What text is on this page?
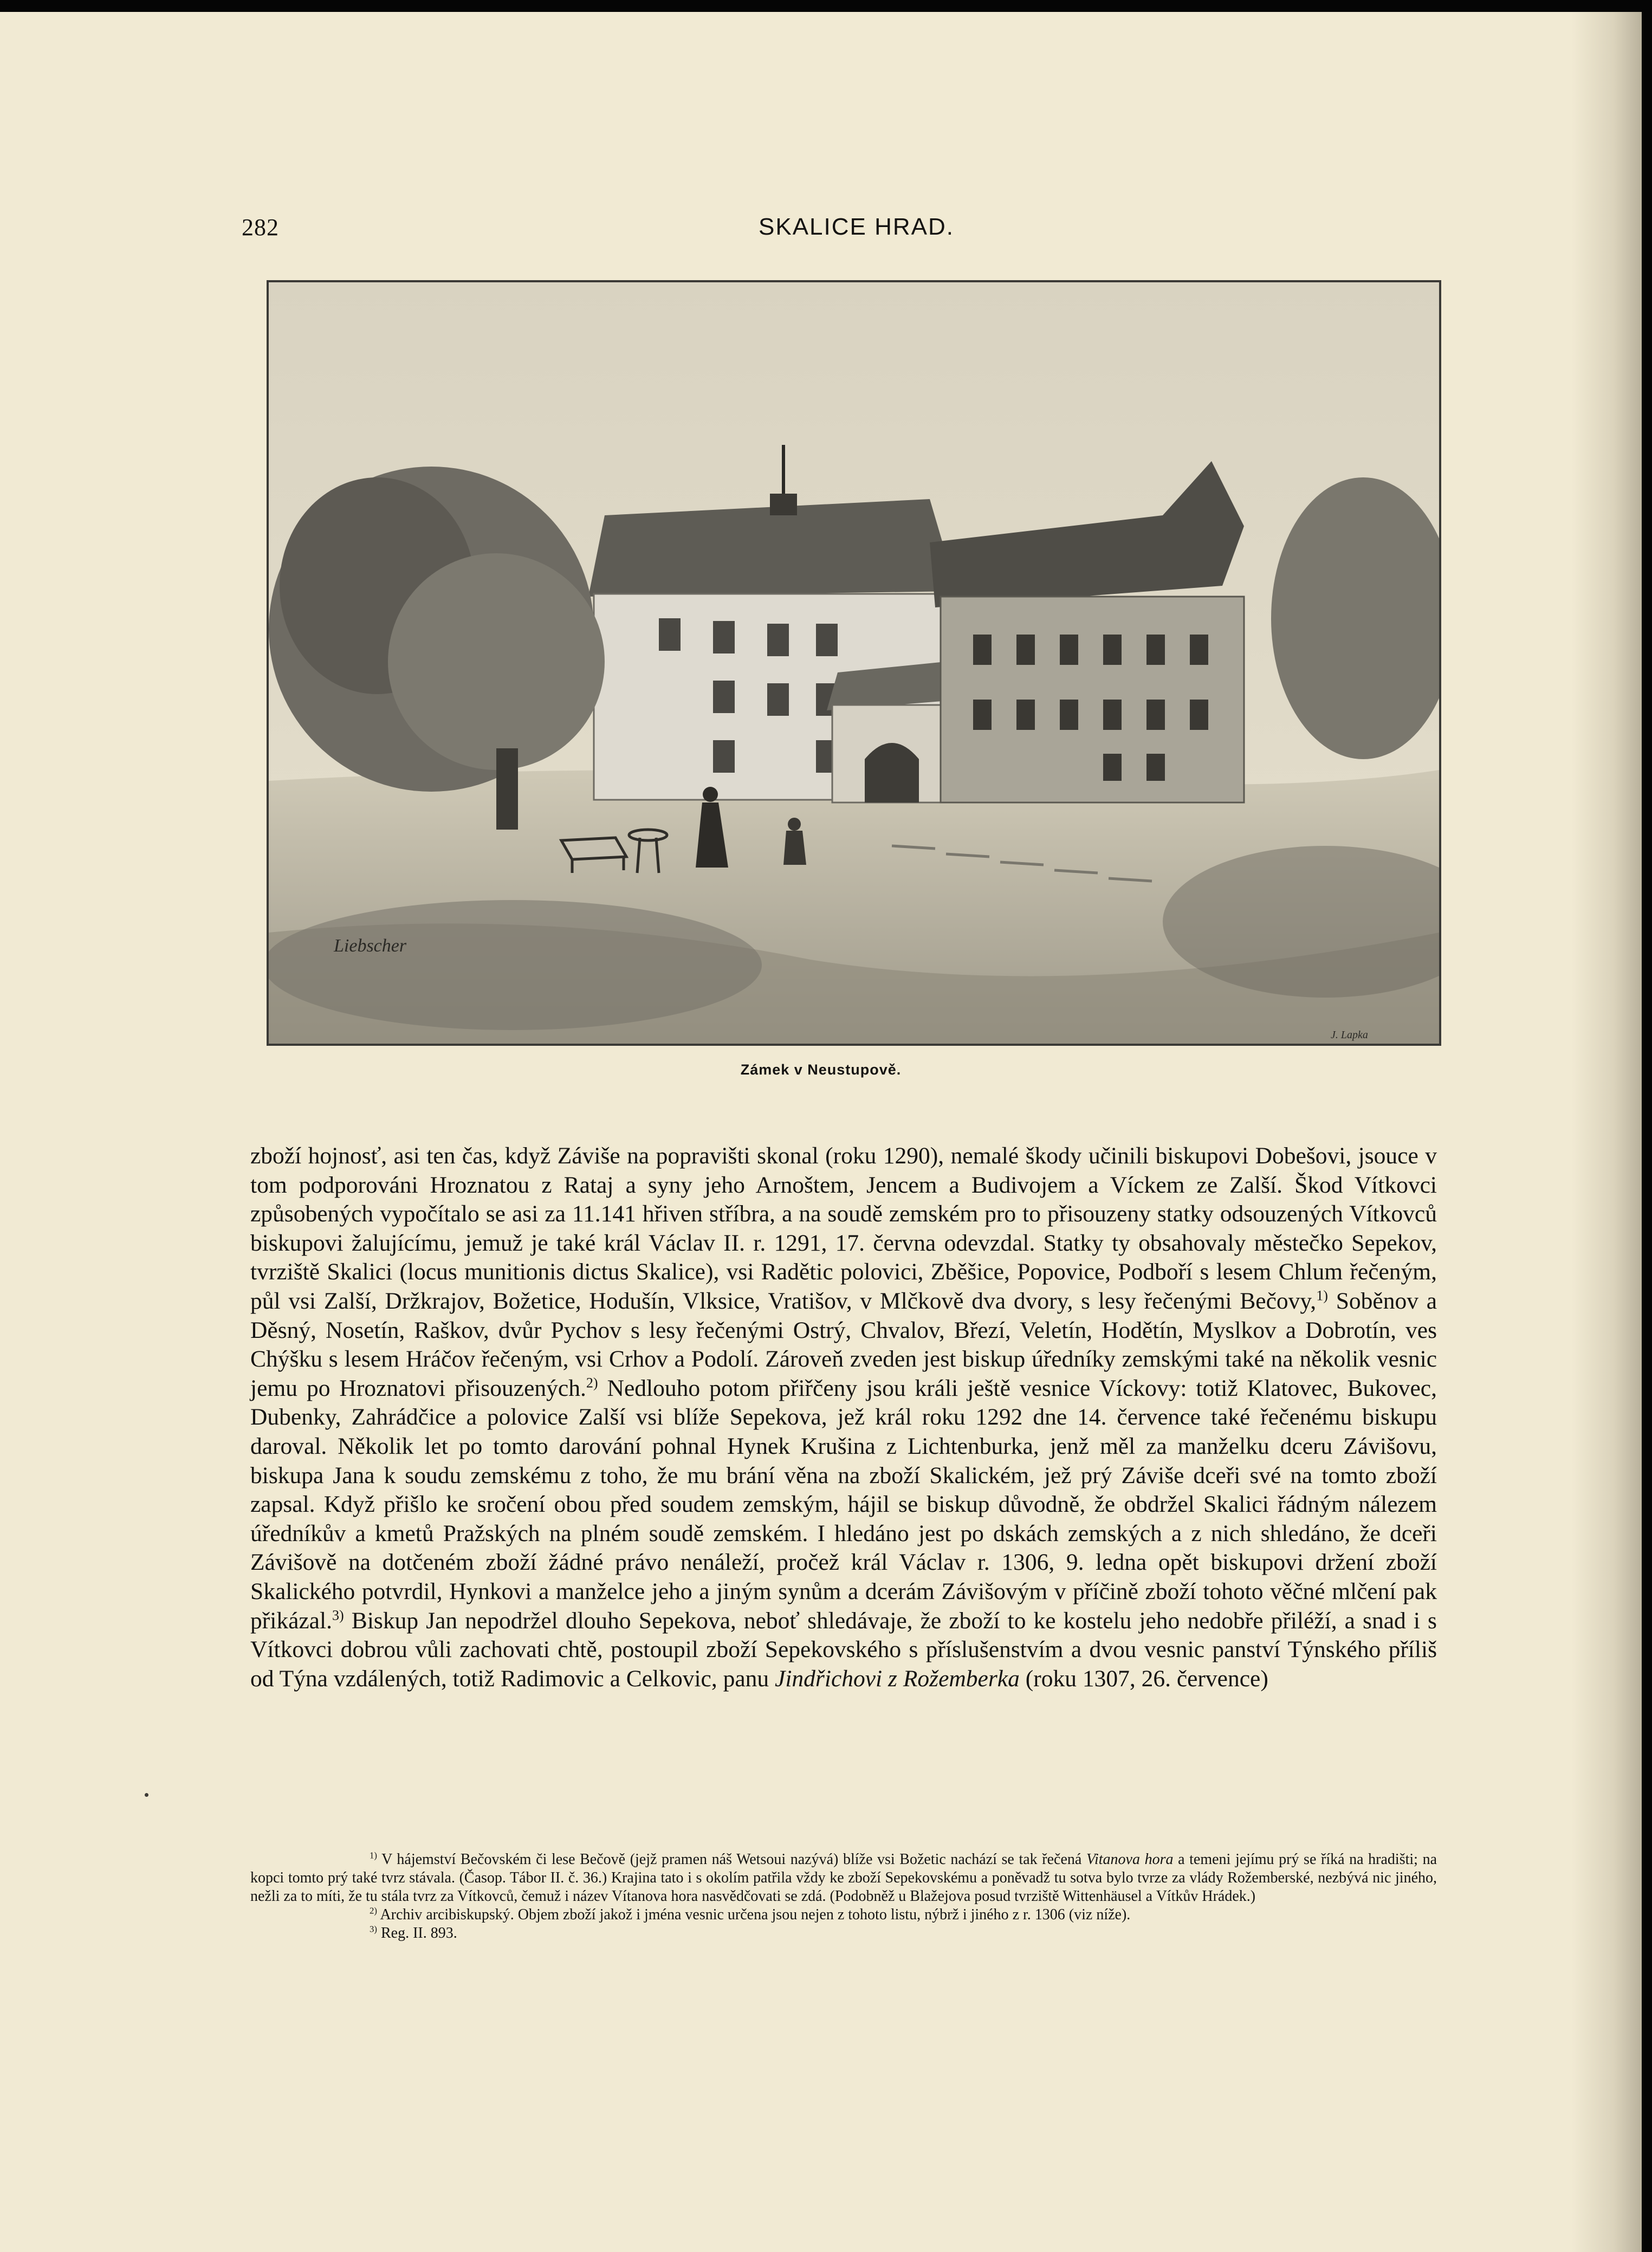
282	SKALICE HRAD.
Liebscher
J. Lapka
Zámek v Neustupově.

zboží hojnosť, asi ten čas, když Záviše na popravišti skonal (roku 1290), nemalé škody učinili biskupovi Dobešovi, jsouce v tom podporováni Hroznatou z Rataj a syny jeho Arnoštem, Jencem a Budivojem a Víckem ze Zalší. Škod Vítkovci způsobených vypočítalo se asi za 11.141 hřiven stříbra, a na soudě zemském pro to přisouzeny statky odsouzených Vítkovců biskupovi žalujícímu, jemuž je také král Václav II. r. 1291, 17. června odevzdal. Statky ty obsahovaly městečko Sepekov, tvrziště Skalici (locus munitionis dictus Skalice), vsi Radětic polovici, Zběšice, Popovice, Podboří s lesem Chlum řečeným, půl vsi Zalší, Držkrajov, Božetice, Hodušín, Vlksice, Vratišov, v Mlčkově dva dvory, s lesy řečenými Bečovy,$^{1)}$ Soběnov a Děsný, Nosetín, Raškov, dvůr Pychov s lesy řečenými Ostrý, Chvalov, Březí, Veletín, Hodětín, Myslkov a Dobrotín, ves Chýšku s lesem Hráčov řečeným, vsi Crhov a Podolí. Zároveň zveden jest biskup úředníky zemskými také na několik vesnic jemu po Hroznatovi přisouzených.$^{2)}$ Nedlouho potom přiřčeny jsou králi ještě vesnice Víckovy: totiž Klatovec, Bukovec, Dubenky, Zahrádčice a polovice Zalší vsi blíže Sepekova, jež král roku 1292 dne 14. července také řečenému biskupu daroval. Několik let po tomto darování pohnal Hynek Krušina z Lichtenburka, jenž měl za manželku dceru Závišovu, biskupa Jana k soudu zemskému z toho, že mu brání věna na zboží Skalickém, jež prý Záviše dceři své na tomto zboží zapsal. Když přišlo ke sročení obou před soudem zemským, hájil se biskup důvodně, že obdržel Skalici řádným nálezem úředníkův a kmetů Pražských na plném soudě zemském. I hledáno jest po dskách zemských a z nich shledáno, že dceři Závišově na dotčeném zboží žádné právo nenáleží, pročež král Václav r. 1306, 9. ledna opět biskupovi držení zboží Skalického potvrdil, Hynkovi a manželce jeho a jiným synům a dcerám Závišovým v příčině zboží tohoto věčné mlčení pak přikázal.$^{3)}$ Biskup Jan nepodržel dlouho Sepekova, neboť shledávaje, že zboží to ke kostelu jeho nedobře přiléží, a snad i s Vítkovci dobrou vůli zachovati chtě, postoupil zboží Sepekovského s příslušenstvím a dvou vesnic panství Týnského příliš od Týna vzdálených, totiž Radimovic a Celkovic, panu Jindřichovi z Rožemberka (roku 1307, 26. července)

$^{1)}$ V hájemství Bečovském či lese Bečově (jejž pramen náš Wetsoui nazývá) blíže vsi Božetic nachází se tak řečená Vitanova hora a temeni jejímu prý se říká na hradišti; na kopci tomto prý také tvrz stávala. (Časop. Tábor II. č. 36.) Krajina tato i s okolím patřila vždy ke zboží Sepekovskému a poněvadž tu sotva bylo tvrze za vlády Rožemberské, nezbývá nic jiného, nežli za to míti, že tu stála tvrz za Vítkovců, čemuž i název Vítanova hora nasvědčovati se zdá. (Podobněž u Blažejova posud tvrziště Wittenhäusel a Vítkův Hrádek.)

$^{2)}$ Archiv arcibiskupský. Objem zboží jakož i jména vesnic určena jsou nejen z tohoto listu, nýbrž i jiného z r. 1306 (viz níže).

$^{3)}$ Reg. II. 893.
